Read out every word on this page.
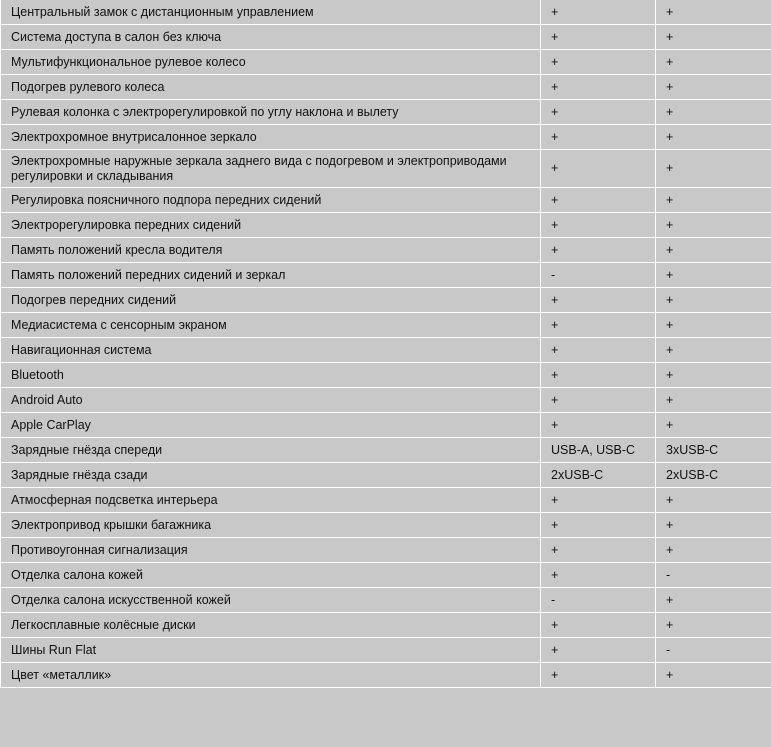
Центральный замок с дистанционным управлением	+	+
Система доступа в салон без ключа	+	+
Мультифункциональное рулевое колесо	+	+
Подогрев рулевого колеса	+	+
Рулевая колонка с электрорегулировкой по углу наклона и вылету	+	+
Электрохромное внутрисалонное зеркало	+	+
Электрохромные наружные зеркала заднего вида с подогревом и электроприводами регулировки и складывания	+	+
Регулировка поясничного подпора передних сидений	+	+
Электрорегулировка передних сидений	+	+
Память положений кресла водителя	+	+
Память положений передних сидений и зеркал	-	+
Подогрев передних сидений	+	+
Медиасистема с сенсорным экраном	+	+
Навигационная система	+	+
Bluetooth	+	+
Android Auto	+	+
Apple CarPlay	+	+
Зарядные гнёзда спереди	USB-A, USB-C	3xUSB-C
Зарядные гнёзда сзади	2xUSB-C	2xUSB-C
Атмосферная подсветка интерьера	+	+
Электропривод крышки багажника	+	+
Противоугонная сигнализация	+	+
Отделка салона кожей	+	-
Отделка салона искусственной кожей	-	+
Легкосплавные колёсные диски	+	+
Шины Run Flat	+	-
Цвет «металлик»	+	+
